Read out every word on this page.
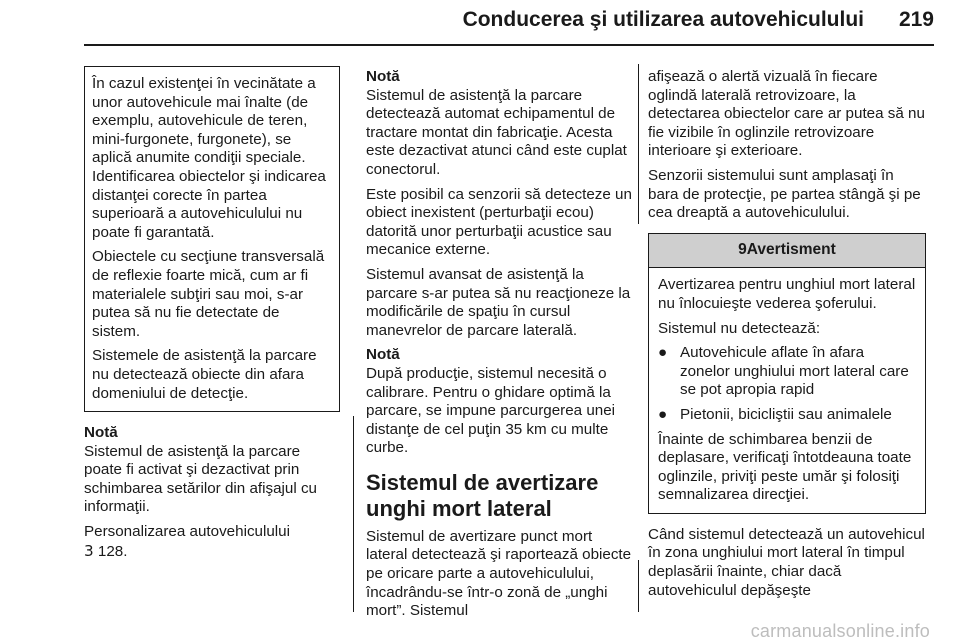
Conducerea şi utilizarea autovehiculului 219

În cazul existenţei în vecinătate a unor autovehicule mai înalte (de exemplu, autovehicule de teren, mini-furgonete, furgonete), se aplică anumite condiţii speciale. Identificarea obiectelor şi indicarea distanţei corecte în partea superioară a autovehiculului nu poate fi garantată.

Obiectele cu secţiune transversală de reflexie foarte mică, cum ar fi materialele subţiri sau moi, s-ar putea să nu fie detectate de sistem.

Sistemele de asistenţă la parcare nu detectează obiecte din afara domeniului de detecţie.

Notă

Sistemul de asistenţă la parcare poate fi activat şi dezactivat prin schimbarea setărilor din afişajul cu informaţii.

Personalizarea autovehiculului
3 128.

Notă

Sistemul de asistenţă la parcare detectează automat echipamentul de tractare montat din fabricaţie. Acesta este dezactivat atunci când este cuplat conectorul.

Este posibil ca senzorii să detecteze un obiect inexistent (perturbaţii ecou) datorită unor perturbaţii acustice sau mecanice externe.

Sistemul avansat de asistenţă la parcare s-ar putea să nu reacţioneze la modificările de spaţiu în cursul manevrelor de parcare laterală.

Notă

După producţie, sistemul necesită o calibrare. Pentru o ghidare optimă la parcare, se impune parcurgerea unei distanţe de cel puţin 35 km cu multe curbe.

Sistemul de avertizare unghi mort lateral

Sistemul de avertizare punct mort lateral detectează şi raportează obiecte pe oricare parte a autovehiculului, încadrându-se într-o zonă de „unghi mort”. Sistemul

afişează o alertă vizuală în fiecare oglindă laterală retrovizoare, la detectarea obiectelor care ar putea să nu fie vizibile în oglinzile retrovizoare interioare şi exterioare.

Senzorii sistemului sunt amplasaţi în bara de protecţie, pe partea stângă şi pe cea dreaptă a autovehiculului.

9Avertisment

Avertizarea pentru unghiul mort lateral nu înlocuieşte vederea şoferului.

Sistemul nu detectează:

● Autovehicule aflate în afara zonelor unghiului mort lateral care se pot apropia rapid
● Pietonii, bicicliştii sau animalele

Înainte de schimbarea benzii de deplasare, verificaţi întotdeauna toate oglinzile, priviţi peste umăr şi folosiţi semnalizarea direcţiei.

Când sistemul detectează un autovehicul în zona unghiului mort lateral în timpul deplasării înainte, chiar dacă autovehiculul depăşeşte

carmanualsonline.info
